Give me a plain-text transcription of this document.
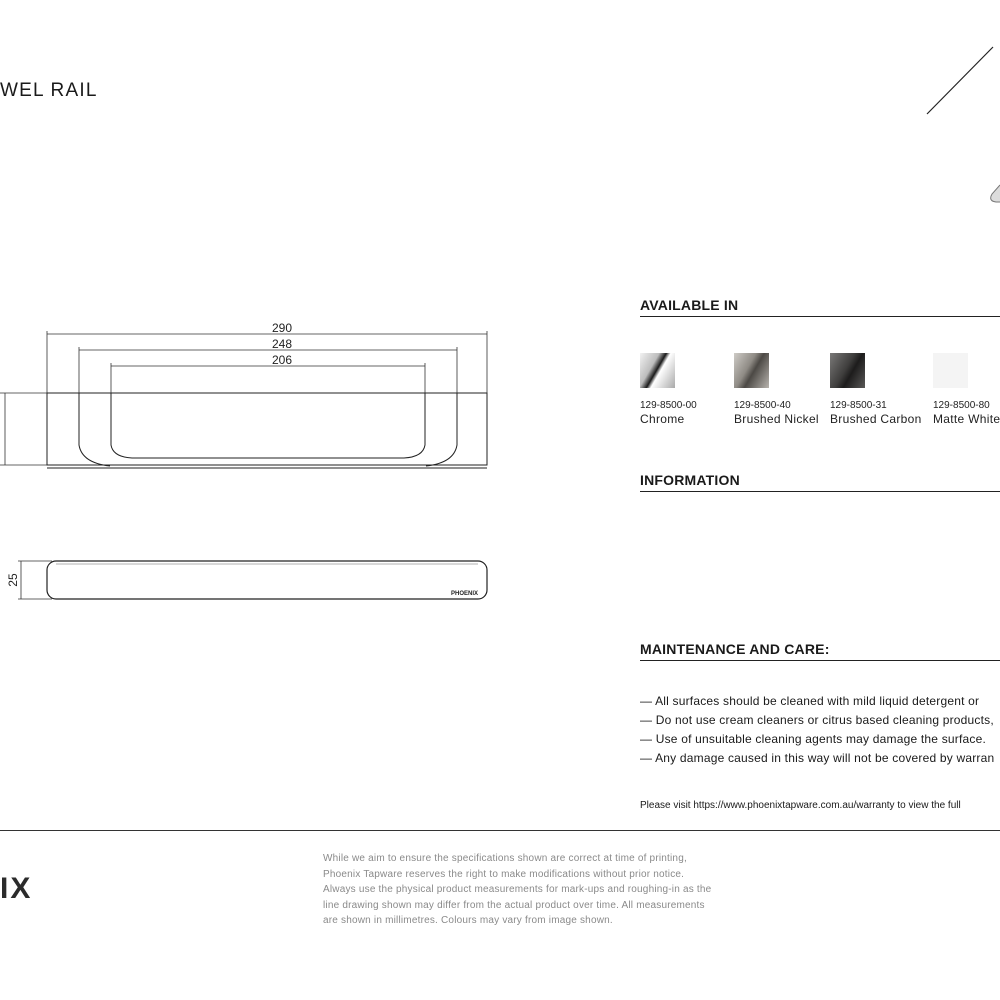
WEL RAIL
290
248
206
25
PHOENIX
AVAILABLE IN
129-8500-00
Chrome
129-8500-40
Brushed Nickel
129-8500-31
Brushed Carbon
129-8500-80
Matte White
INFORMATION
MAINTENANCE AND CARE:
— All surfaces should be cleaned with mild liquid detergent or
— Do not use cream cleaners or citrus based cleaning products,
— Use of unsuitable cleaning agents may damage the surface.
— Any damage caused in this way will not be covered by warran
Please visit https://www.phoenixtapware.com.au/warranty to view the full
IX
While we aim to ensure the specifications shown are correct at time of printing,
Phoenix Tapware reserves the right to make modifications without prior notice.
Always use the physical product measurements for mark-ups and roughing-in as the
line drawing shown may differ from the actual product over time. All measurements
are shown in millimetres. Colours may vary from image shown.
